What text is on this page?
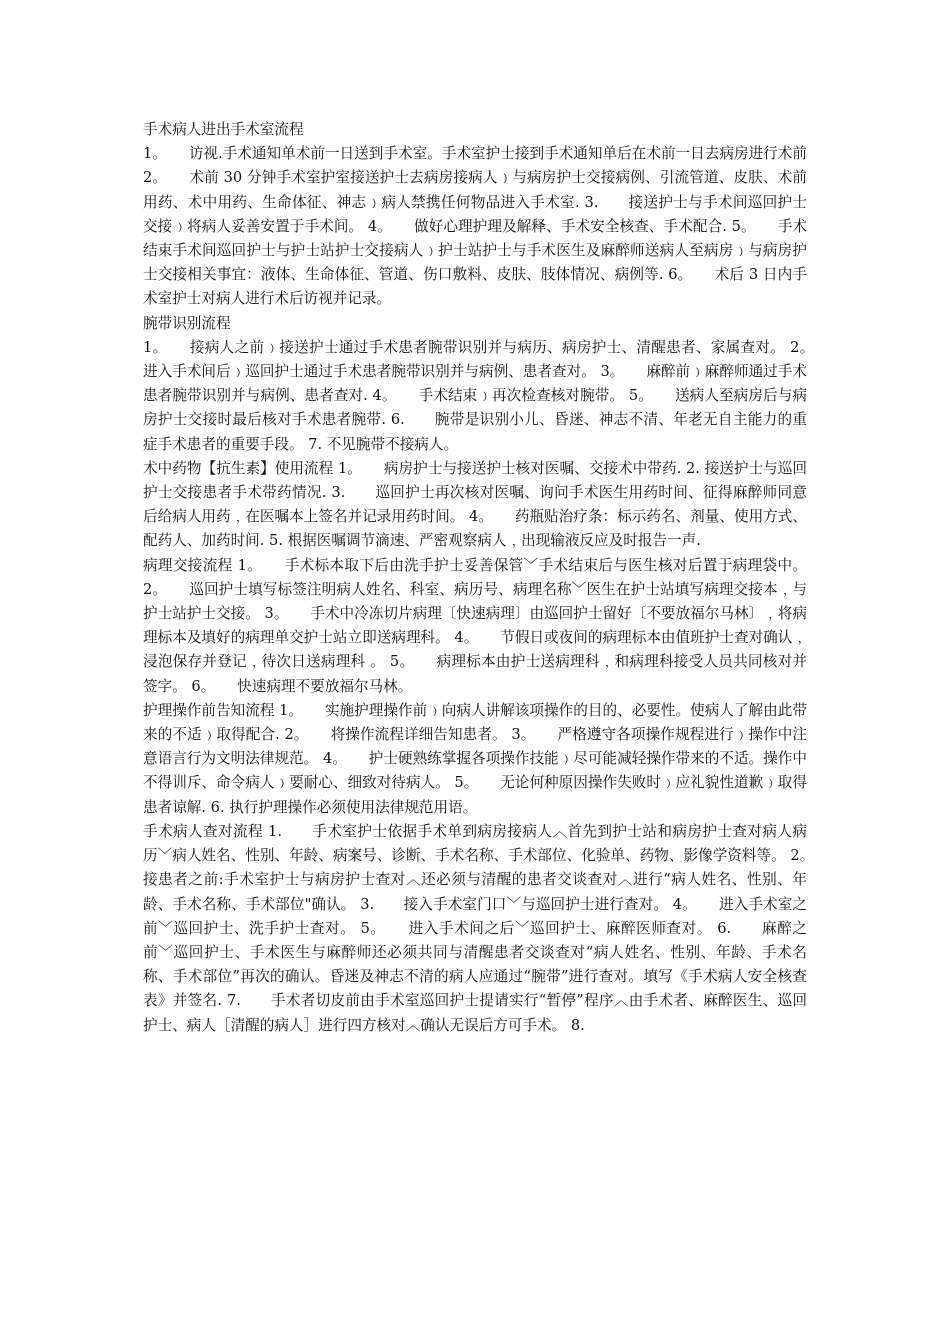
手术病人进出手术室流程
1。　　访视.手术通知单术前一日送到手术室。手术室护士接到手术通知单后在术前一日去病房进行术前 2。　　术前 30 分钟手术室护室接送护士去病房接病人﹚与病房护士交接病例、引流管道、皮肤、术前用药、术中用药、生命体征、神志﹚病人禁携任何物品进入手术室. 3.　　接送护士与手术间巡回护士交接﹚将病人妥善安置于手术间。 4。　　做好心理护理及解释、手术安全核查、手术配合. 5。　　手术结束手术间巡回护士与护士站护士交接病人﹚护士站护士与手术医生及麻醉师送病人至病房﹚与病房护士交接相关事宜：液体、生命体征、管道、伤口敷料、皮肤、肢体情况、病例等. 6。　　术后 3 日内手术室护士对病人进行术后访视并记录。

腕带识别流程
1。　　接病人之前﹚接送护士通过手术患者腕带识别并与病历、病房护士、清醒患者、家属查对。 2。　　进入手术间后﹚巡回护士通过手术患者腕带识别并与病例、患者查对。 3。　　麻醉前﹚麻醉师通过手术患者腕带识别并与病例、患者查对. 4。　　手术结束﹚再次检查核对腕带。 5。　　送病人至病房后与病房护士交接时最后核对手术患者腕带. 6.　　腕带是识别小儿、昏迷、神志不清、年老无自主能力的重症手术患者的重要手段。 7. 不见腕带不接病人。

术中药物【抗生素】使用流程 1。　　病房护士与接送护士核对医嘱、交接术中带药. 2. 接送护士与巡回护士交接患者手术带药情况. 3.　　巡回护士再次核对医嘱、询问手术医生用药时间、征得麻醉师同意后给病人用药﹐在医嘱本上签名并记录用药时间。 4。　　药瓶贴治疗条：标示药名、剂量、使用方式、配药人、加药时间. 5. 根据医嘱调节滴速、严密观察病人﹐出现输液反应及时报告一声.

病理交接流程 1。　　手术标本取下后由洗手护士妥善保管﹀手术结束后与医生核对后置于病理袋中。 2。　　巡回护士填写标签注明病人姓名、科室、病历号、病理名称﹀医生在护士站填写病理交接本﹐与护士站护士交接。 3。　　手术中冷冻切片病理〔快速病理〕由巡回护士留好〔不要放福尔马林〕﹐将病理标本及填好的病理单交护士站立即送病理科。 4。　　节假日或夜间的病理标本由值班护士查对确认﹐浸泡保存并登记﹐待次日送病理科 。 5。　　病理标本由护士送病理科﹐和病理科接受人员共同核对并签字。 6。　　快速病理不要放福尔马林。

护理操作前告知流程 1。　　实施护理操作前﹚向病人讲解该项操作的目的、必要性。使病人了解由此带来的不适﹚取得配合. 2。　　将操作流程详细告知患者。 3。　　严格遵守各项操作规程进行﹚操作中注意语言行为文明法律规范。 4。　　护士硬熟练掌握各项操作技能﹚尽可能减轻操作带来的不适。操作中不得训斥、命令病人﹚要耐心、细致对待病人。 5。　　无论何种原因操作失败时﹚应礼貌性道歉﹚取得患者谅解. 6. 执行护理操作必须使用法律规范用语。

手术病人查对流程 1.　　手术室护士依据手术单到病房接病人︿首先到护士站和病房护士查对病人病历﹀病人姓名、性别、年龄、病案号、诊断、手术名称、手术部位、化验单、药物、影像学资料等。 2。　　接患者之前:手术室护士与病房护士查对︿还必须与清醒的患者交谈查对︿进行“病人姓名、性别、年龄、手术名称、手术部位"确认。 3.　　接入手术室门口﹀与巡回护士进行查对。 4。　　进入手术室之前﹀巡回护士、洗手护士查对。 5。　　进入手术间之后﹀巡回护士、麻醉医师查对。 6.　　麻醉之前﹀巡回护士、手术医生与麻醉师还必须共同与清醒患者交谈查对“病人姓名、性别、年龄、手术名称、手术部位”再次的确认。昏迷及神志不清的病人应通过“腕带”进行查对。填写《手术病人安全核查表》并签名. 7.　　手术者切皮前由手术室巡回护士提请实行“暂停”程序︿由手术者、麻醉医生、巡回护士、病人［清醒的病人］进行四方核对︿确认无误后方可手术。 8.
